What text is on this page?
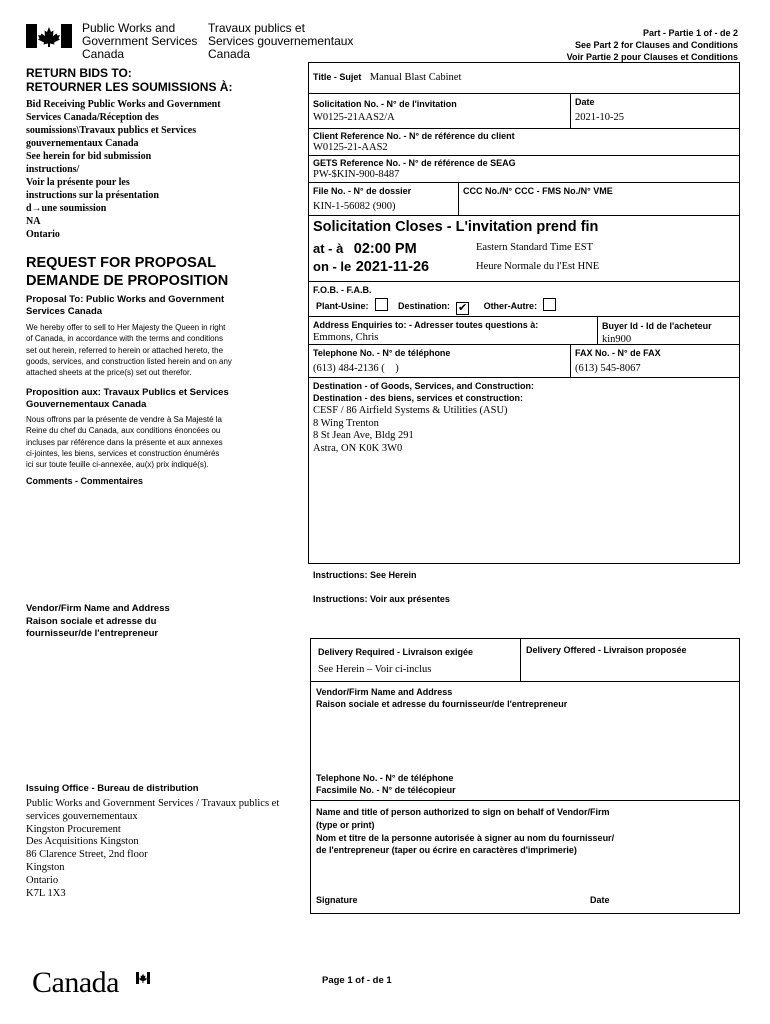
Public Works and
Government Services
Canada
Travaux publics et
Services gouvernementaux
Canada
Part - Partie 1 of - de 2
See Part 2 for Clauses and Conditions
Voir Partie 2 pour Clauses et Conditions
RETURN BIDS TO:
RETOURNER LES SOUMISSIONS À:
Bid Receiving Public Works and Government
Services Canada/Réception des
soumissions\Travaux publics et Services
gouvernementaux Canada
See herein for bid submission
instructions/
Voir la présente pour les
instructions sur la présentation
d→une soumission
NA
Ontario
REQUEST FOR PROPOSAL
DEMANDE DE PROPOSITION
Proposal To: Public Works and Government
Services Canada
We hereby offer to sell to Her Majesty the Queen in right
of Canada, in accordance with the terms and conditions
set out herein, referred to herein or attached hereto, the
goods, services, and construction listed herein and on any
attached sheets at the price(s) set out therefor.
Proposition aux: Travaux Publics et Services
Gouvernementaux Canada
Nous offrons par la présente de vendre à Sa Majesté la
Reine du chef du Canada, aux conditions énoncées ou
incluses par référence dans la présente et aux annexes
ci-jointes, les biens, services et construction énumérés
ici sur toute feuille ci-annexée, au(x) prix indiqué(s).
Comments - Commentaires
Vendor/Firm Name and Address
Raison sociale et adresse du
fournisseur/de l'entrepreneur
Issuing Office - Bureau de distribution
Public Works and Government Services / Travaux publics et
services gouvernementaux
Kingston Procurement
Des Acquisitions Kingston
86 Clarence Street, 2nd floor
Kingston
Ontario
K7L 1X3
Title - Sujet Manual Blast Cabinet
Solicitation No. - N° de l'invitation
W0125-21AAS2/A
Date
2021-10-25
Client Reference No. - N° de référence du client
W0125-21-AAS2
GETS Reference No. - N° de référence de SEAG
PW-$KIN-900-8487
File No. - N° de dossier
KIN-1-56082 (900)
CCC No./N° CCC - FMS No./N° VME
Solicitation Closes - L'invitation prend fin
at - à 02:00 PM
on - le 2021-11-26
Eastern Standard Time EST
Heure Normale du l'Est HNE
F.O.B. - F.A.B.
Plant-Usine:	Destination: ✔ Other-Autre:
Address Enquiries to: - Adresser toutes questions à:
Emmons, Chris
Buyer Id - Id de l'acheteur
kin900
Telephone No. - N° de téléphone
(613) 484-2136 (    )
FAX No. - N° de FAX
(613) 545-8067
Destination - of Goods, Services, and Construction:
Destination - des biens, services et construction:
CESF / 86 Airfield Systems & Utilities (ASU)
8 Wing Trenton
8 St Jean Ave, Bldg 291
Astra, ON K0K 3W0
Instructions: See Herein
Instructions: Voir aux présentes
Delivery Required - Livraison exigée
See Herein – Voir ci-inclus
Delivery Offered - Livraison proposée
Vendor/Firm Name and Address
Raison sociale et adresse du fournisseur/de l'entrepreneur
Telephone No. - N° de téléphone
Facsimile No. - N° de télécopieur
Name and title of person authorized to sign on behalf of Vendor/Firm
(type or print)
Nom et titre de la personne autorisée à signer au nom du fournisseur/
de l'entrepreneur (taper ou écrire en caractères d'imprimerie)
Signature	Date
Page 1 of - de 1
Canada
